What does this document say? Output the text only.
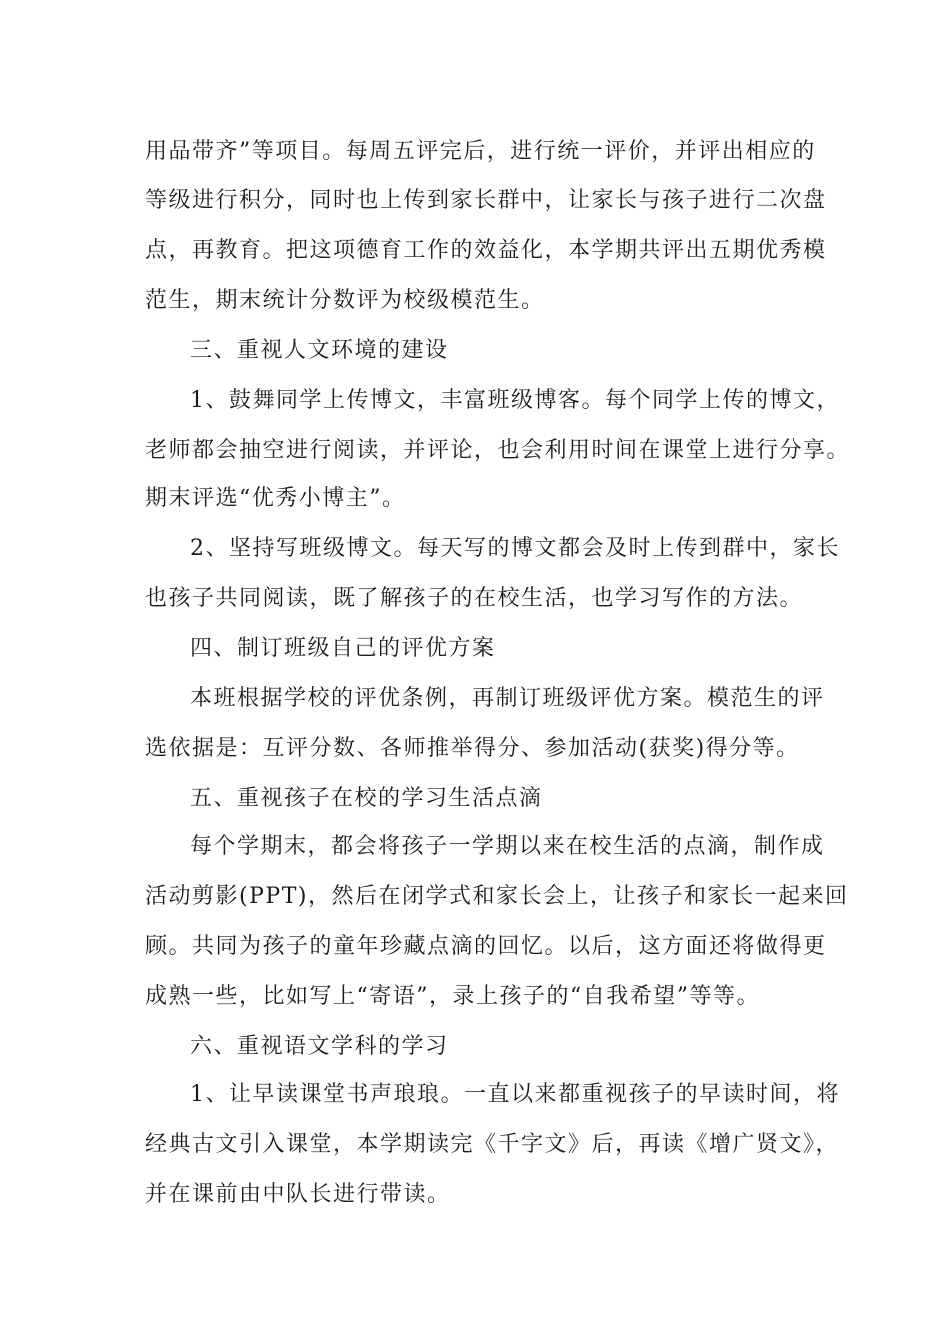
用品带齐”等项目。每周五评完后，进行统一评价，并评出相应的
等级进行积分，同时也上传到家长群中，让家长与孩子进行二次盘
点，再教育。把这项德育工作的效益化，本学期共评出五期优秀模
范生，期末统计分数评为校级模范生。
三、重视人文环境的建设
1、鼓舞同学上传博文，丰富班级博客。每个同学上传的博文，
老师都会抽空进行阅读，并评论，也会利用时间在课堂上进行分享。
期末评选“优秀小博主”。
2、坚持写班级博文。每天写的博文都会及时上传到群中，家长
也孩子共同阅读，既了解孩子的在校生活，也学习写作的方法。
四、制订班级自己的评优方案
本班根据学校的评优条例，再制订班级评优方案。模范生的评
选依据是：互评分数、各师推举得分、参加活动(获奖)得分等。
五、重视孩子在校的学习生活点滴
每个学期末，都会将孩子一学期以来在校生活的点滴，制作成
活动剪影(PPT)，然后在闭学式和家长会上，让孩子和家长一起来回
顾。共同为孩子的童年珍藏点滴的回忆。以后，这方面还将做得更
成熟一些，比如写上“寄语”，录上孩子的“自我希望”等等。
六、重视语文学科的学习
1、让早读课堂书声琅琅。一直以来都重视孩子的早读时间，将
经典古文引入课堂，本学期读完《千字文》后，再读《增广贤文》，
并在课前由中队长进行带读。
